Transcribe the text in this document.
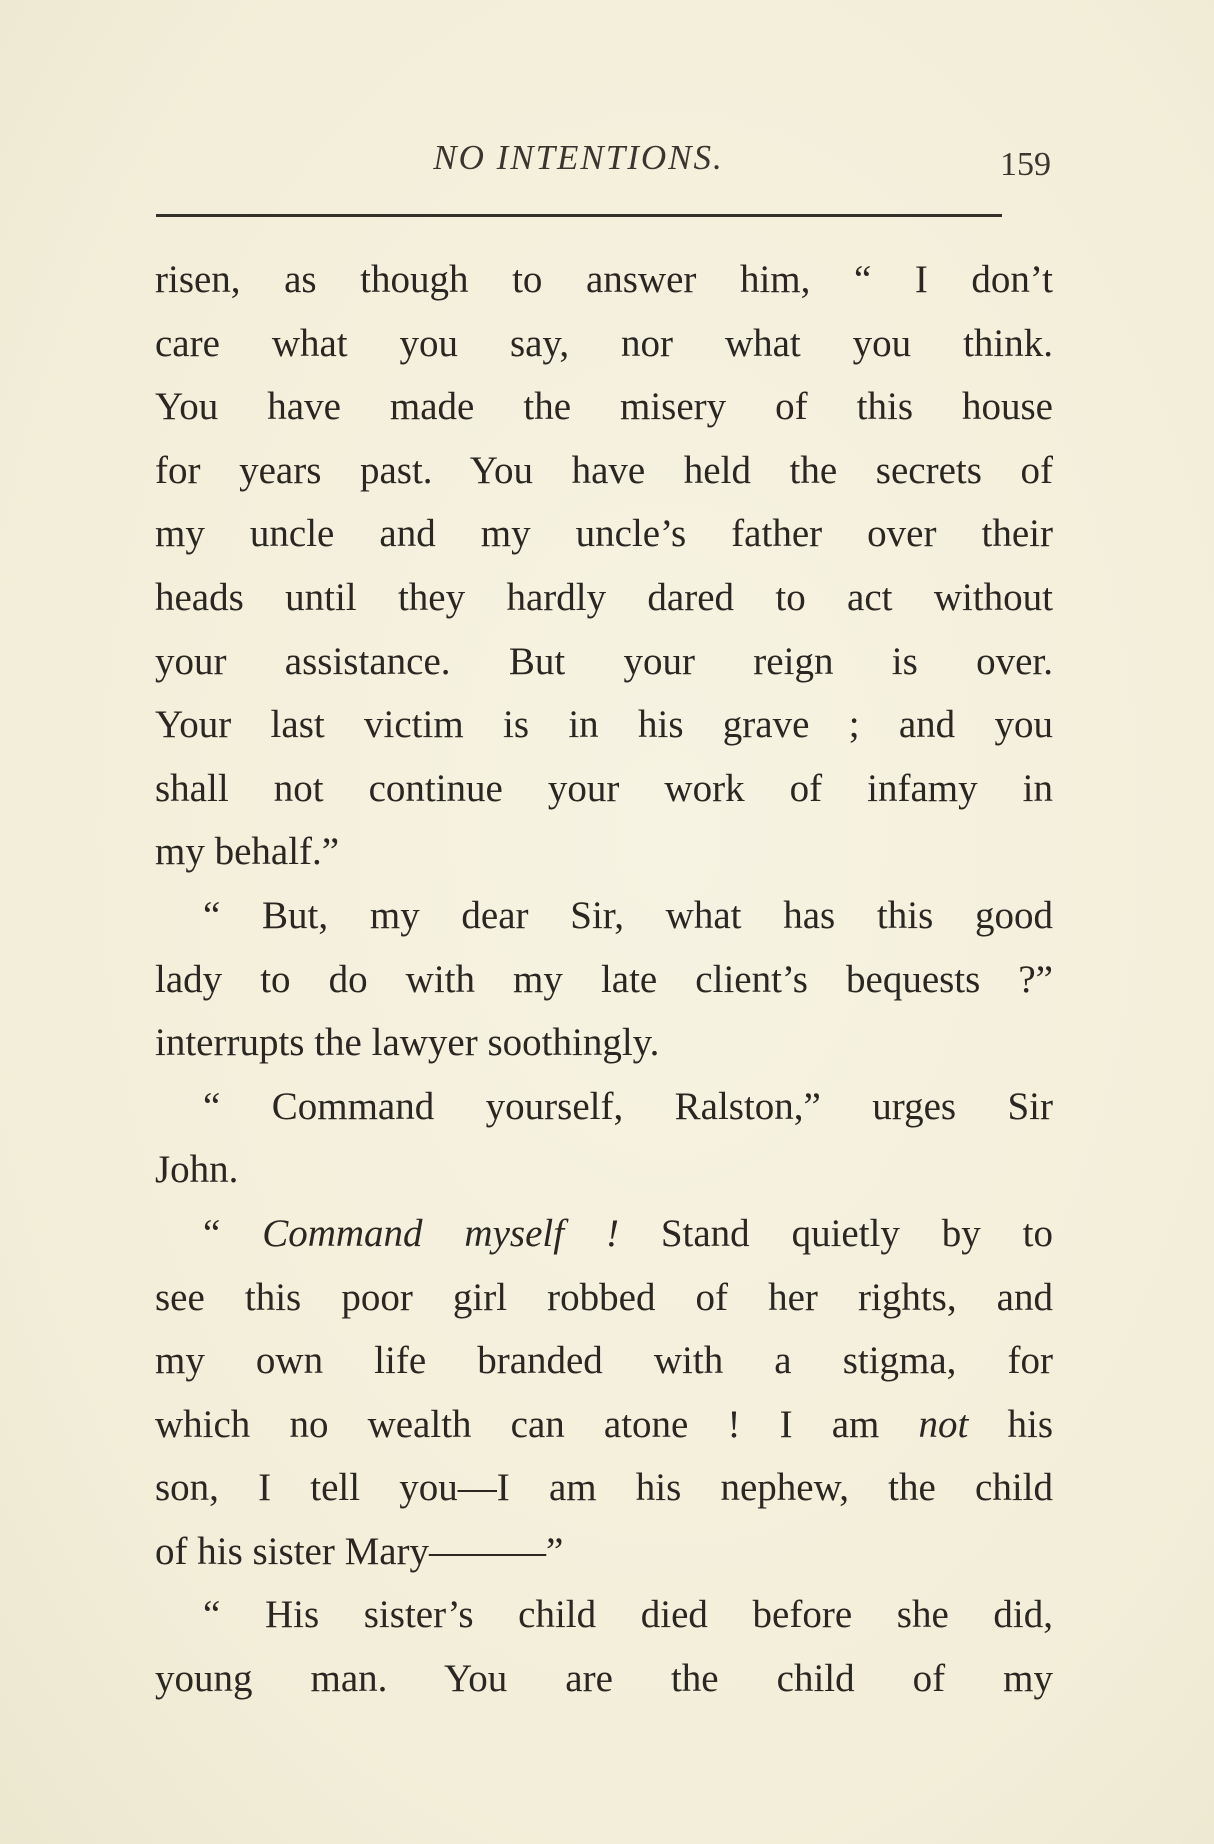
NO INTENTIONS.	159
risen, as though to answer him, “ I don’t
care what you say, nor what you think.
You have made the misery of this house
for years past. You have held the secrets of
my uncle and my uncle’s father over their
heads until they hardly dared to act without
your assistance. But your reign is over.
Your last victim is in his grave ; and you
shall not continue your work of infamy in
my behalf.”
“ But, my dear Sir, what has this good
lady to do with my late client’s bequests ?”
interrupts the lawyer soothingly.
“ Command yourself, Ralston,” urges Sir
John.
“ Command myself ! Stand quietly by to
see this poor girl robbed of her rights, and
my own life branded with a stigma, for
which no wealth can atone ! I am not his
son, I tell you—I am his nephew, the child
of his sister Mary———”
“ His sister’s child died before she did,
young man. You are the child of my
